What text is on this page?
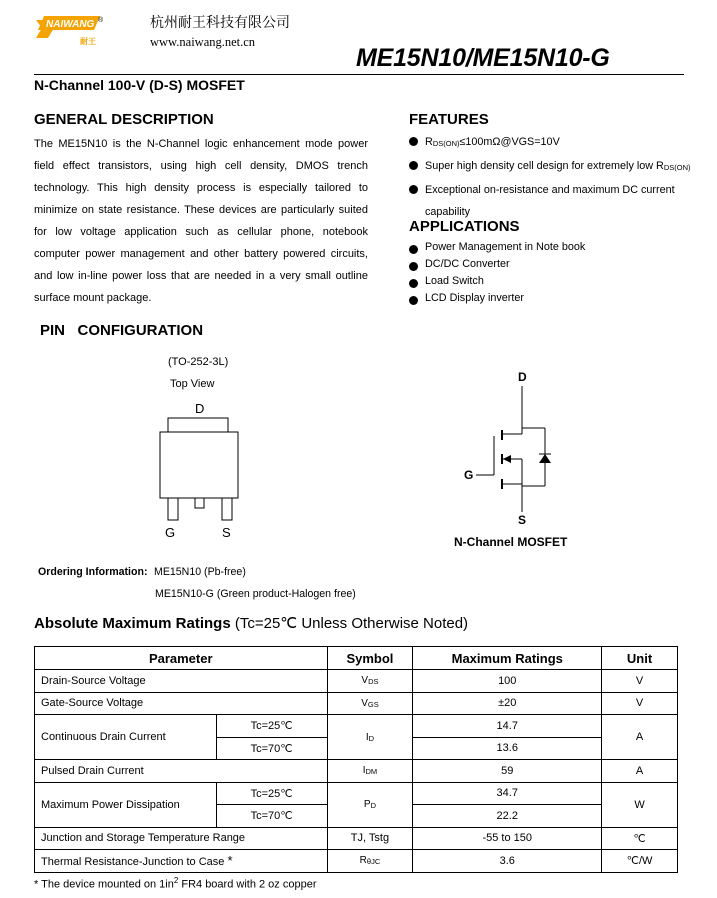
NAIWANG
耐王
®	杭州耐王科技有限公司
www.naiwang.net.cn
ME15N10/ME15N10-G
N-Channel 100-V (D-S) MOSFET
GENERAL DESCRIPTION
The ME15N10 is the N-Channel logic enhancement mode power field effect transistors, using high cell density, DMOS trench technology. This high density process is especially tailored to minimize on state resistance. These devices are particularly suited for low voltage application such as cellular phone, notebook computer power management and other battery powered circuits, and low in-line power loss that are needed in a very small outline surface mount package.
FEATURES
$R_{DS(ON)}\le 100m\Omega@VGS=10V$
Super high density cell design for extremely low $R_{DS(ON)}$
Exceptional on-resistance and maximum DC current
capability
APPLICATIONS
Power Management in Note book
DC/DC Converter
Load Switch
LCD Display inverter
PIN   CONFIGURATION
(TO-252-3L)
Top View
D
G	S
D
G
S
N-Channel MOSFET
Ordering Information: ME15N10 (Pb-free)
ME15N10-G (Green product-Halogen free)
Absolute Maximum Ratings (Tc=25℃ Unless Otherwise Noted)
Parameter		Symbol	Maximum Ratings	Unit
Drain-Source Voltage		$V_{DS}$	100	V
Gate-Source Voltage		$V_{GS}$	±20	V
Continuous Drain Current	Tc=25℃	$I_D$	14.7	A
	Tc=70℃		13.6	
Pulsed Drain Current		$I_{DM}$	59	A
Maximum Power Dissipation	Tc=25℃	$P_D$	34.7	W
	Tc=70℃		22.2	
Junction and Storage Temperature Range		TJ, Tstg	-55 to 150	℃
Thermal Resistance-Junction to Case *		$R_{\theta JC}$	3.6	℃/W
* The device mounted on $1in^2$ FR4 board with 2 oz copper
